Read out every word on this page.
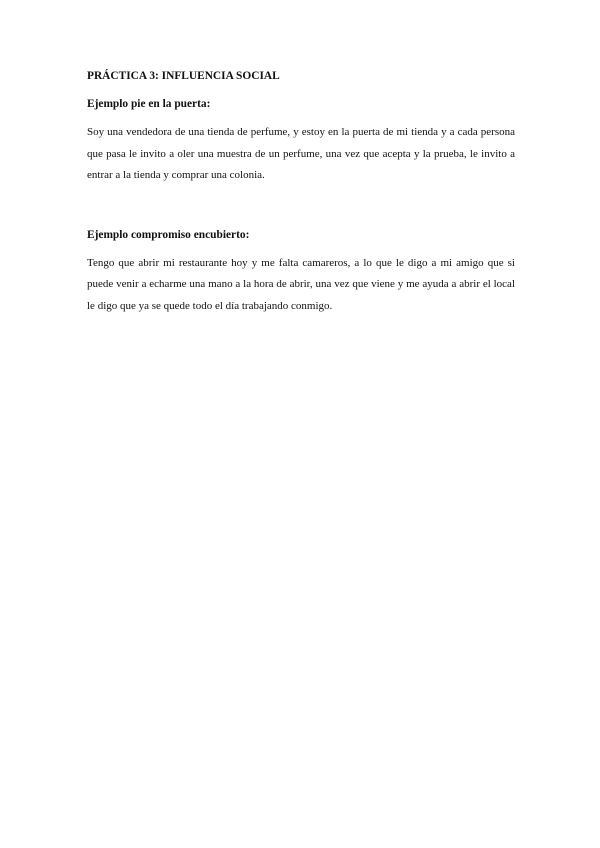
PRÁCTICA 3: INFLUENCIA SOCIAL
Ejemplo pie en la puerta:

Soy una vendedora de una tienda de perfume, y estoy en la puerta de mi tienda y a cada persona que pasa le invito a oler una muestra de un perfume, una vez que acepta y la prueba, le invito a entrar a la tienda y comprar una colonia.

Ejemplo compromiso encubierto:

Tengo que abrir mi restaurante hoy y me falta camareros, a lo que le digo a mi amigo que si puede venir a echarme una mano a la hora de abrir, una vez que viene y me ayuda a abrir el local le digo que ya se quede todo el día trabajando conmigo.
